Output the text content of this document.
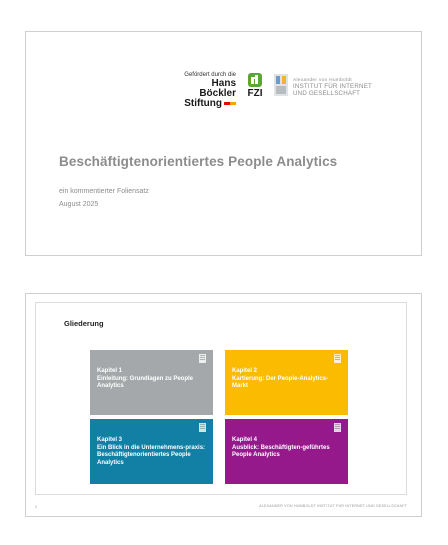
Gefördert durch die
Hans Böckler
Stiftung
FZI
Alexander von Humboldt
INSTITUT FÜR INTERNET
UND GESELLSCHAFT
Beschäftigtenorientiertes People Analytics
ein kommentierter Foliensatz
August 2025
Gliederung
Kapitel 1
Einleitung: Grundlagen zu People Analytics
Kapitel 2
Kartierung: Der People-Analytics-Markt
Kapitel 3
Ein Blick in die Unternehmens-praxis: Beschäftigtenorientiertes People Analytics
Kapitel 4
Ausblick: Beschäftigten-geführtes People Analytics
2	ALEXANDER VON HUMBOLDT INSTITUT FÜR INTERNET UND GESELLSCHAFT
